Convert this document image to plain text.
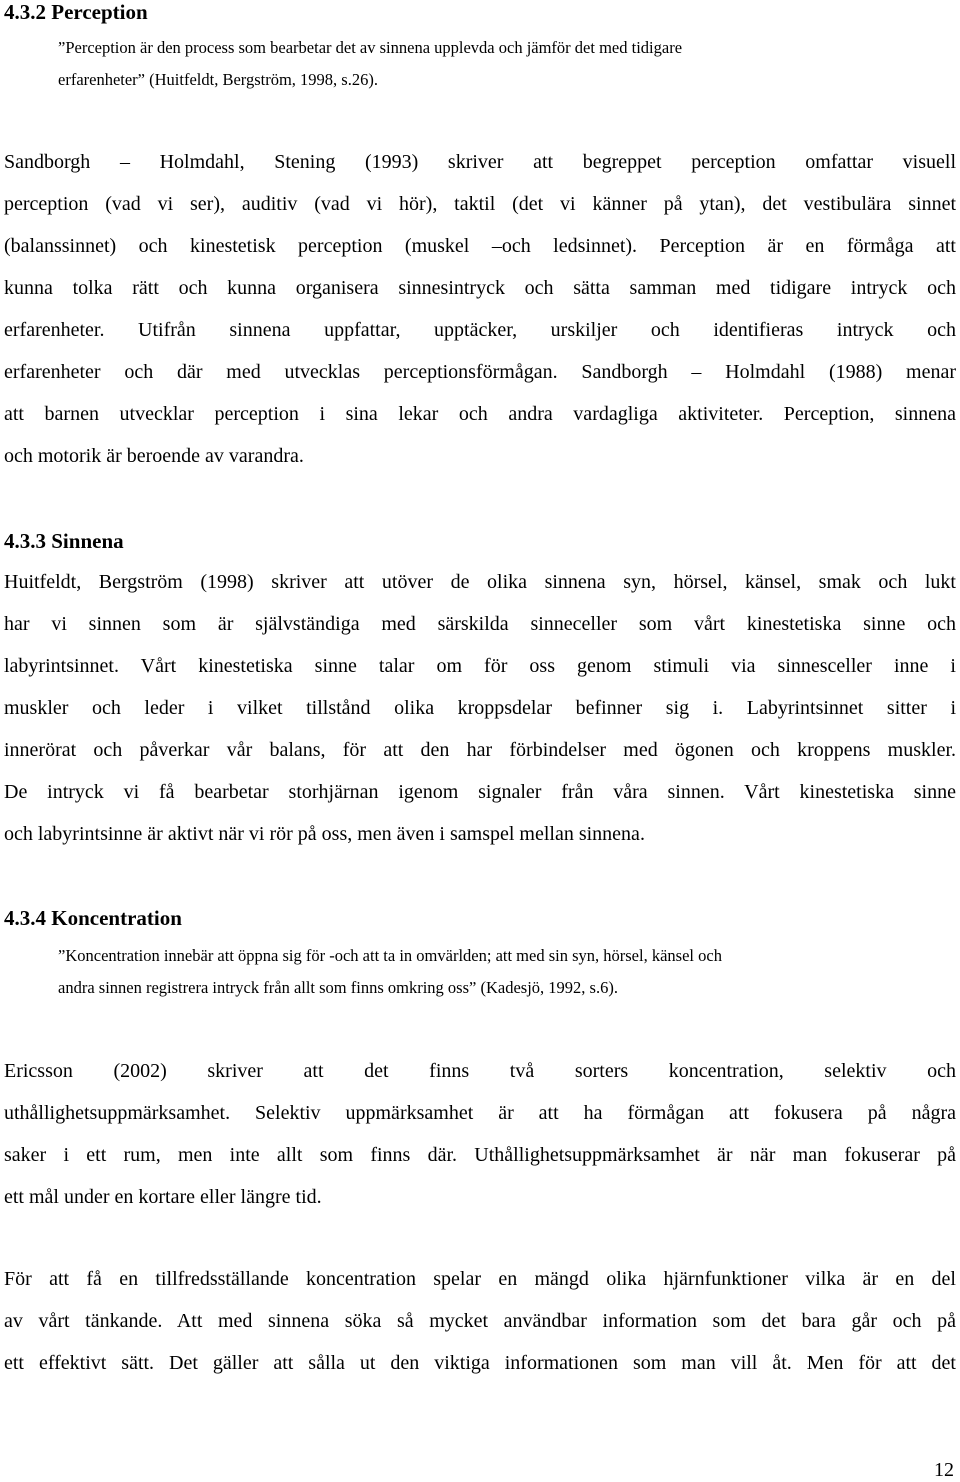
4.3.2 Perception

”Perception är den process som bearbetar det av sinnena upplevda och jämför det med tidigare
erfarenheter” (Huitfeldt, Bergström, 1998, s.26).

Sandborgh – Holmdahl, Stening (1993) skriver att begreppet perception omfattar visuell
perception (vad vi ser), auditiv (vad vi hör), taktil (det vi känner på ytan), det vestibulära sinnet
(balanssinnet) och kinestetisk perception (muskel –och ledsinnet). Perception är en förmåga att
kunna tolka rätt och kunna organisera sinnesintryck och sätta samman med tidigare intryck och
erfarenheter. Utifrån sinnena uppfattar, upptäcker, urskiljer och identifieras intryck och
erfarenheter och där med utvecklas perceptionsförmågan. Sandborgh – Holmdahl (1988) menar
att barnen utvecklar perception i sina lekar och andra vardagliga aktiviteter. Perception, sinnena
och motorik är beroende av varandra.

4.3.3 Sinnena

Huitfeldt, Bergström (1998) skriver att utöver de olika sinnena syn, hörsel, känsel, smak och lukt
har vi sinnen som är självständiga med särskilda sinneceller som vårt kinestetiska sinne och
labyrintsinnet. Vårt kinestetiska sinne talar om för oss genom stimuli via sinnesceller inne i
muskler och leder i vilket tillstånd olika kroppsdelar befinner sig i. Labyrintsinnet sitter i
innerörat och påverkar vår balans, för att den har förbindelser med ögonen och kroppens muskler.
De intryck vi få bearbetar storhjärnan igenom signaler från våra sinnen. Vårt kinestetiska sinne
och labyrintsinne är aktivt när vi rör på oss, men även i samspel mellan sinnena.

4.3.4 Koncentration

”Koncentration innebär att öppna sig för -och att ta in omvärlden; att med sin syn, hörsel, känsel och
andra sinnen registrera intryck från allt som finns omkring oss” (Kadesjö, 1992, s.6).

Ericsson (2002) skriver att det finns två sorters koncentration, selektiv och
uthållighetsuppmärksamhet. Selektiv uppmärksamhet är att ha förmågan att fokusera på några
saker i ett rum, men inte allt som finns där. Uthållighetsuppmärksamhet är när man fokuserar på
ett mål under en kortare eller längre tid.

För att få en tillfredsställande koncentration spelar en mängd olika hjärnfunktioner vilka är en del
av vårt tänkande. Att med sinnena söka så mycket användbar information som det bara går och på
ett effektivt sätt. Det gäller att sålla ut den viktiga informationen som man vill åt. Men för att det

12
